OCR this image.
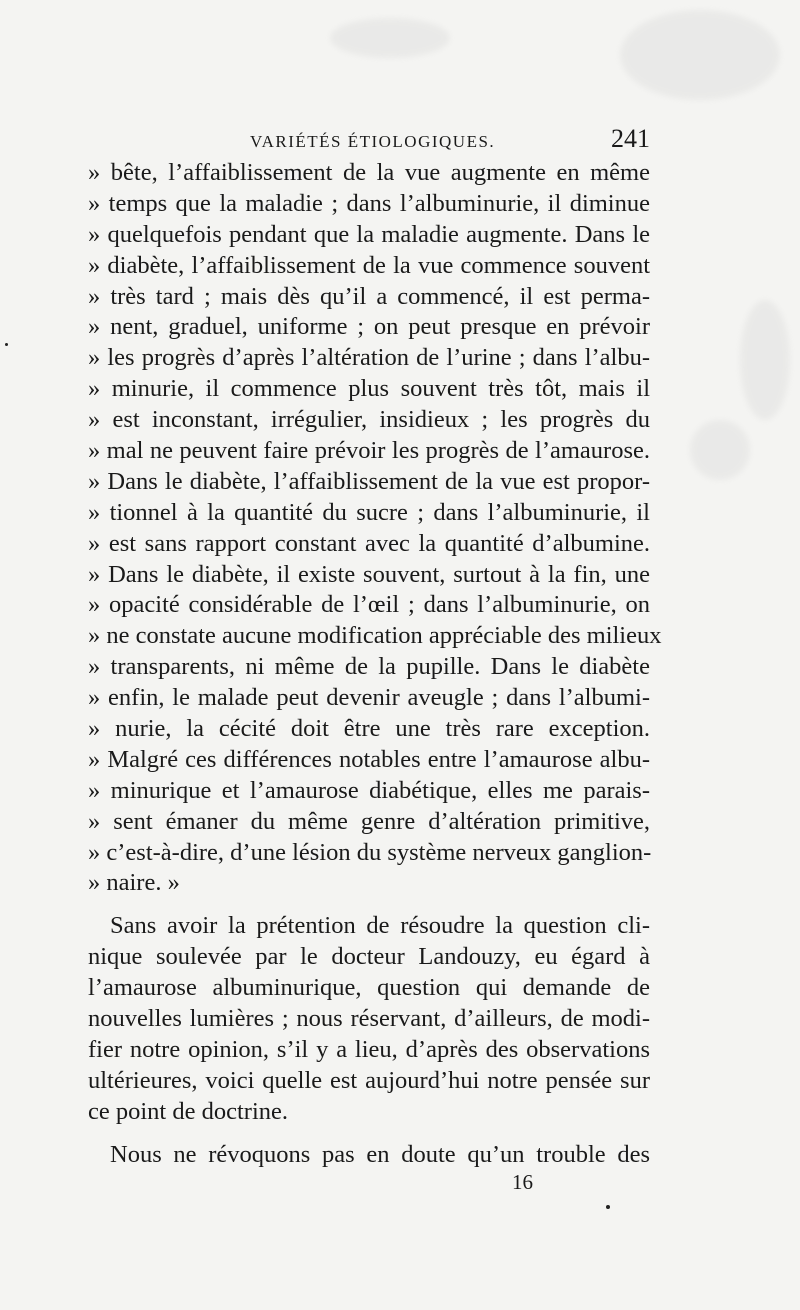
VARIÉTÉS ÉTIOLOGIQUES.	241
» bête, l’affaiblissement de la vue augmente en même
» temps que la maladie ; dans l’albuminurie, il diminue
» quelquefois pendant que la maladie augmente. Dans le
» diabète, l’affaiblissement de la vue commence souvent
» très tard ; mais dès qu’il a commencé, il est perma-
» nent, graduel, uniforme ; on peut presque en prévoir
» les progrès d’après l’altération de l’urine ; dans l’albu-
» minurie, il commence plus souvent très tôt, mais il
» est inconstant, irrégulier, insidieux ; les progrès du
» mal ne peuvent faire prévoir les progrès de l’amaurose.
» Dans le diabète, l’affaiblissement de la vue est propor-
» tionnel à la quantité du sucre ; dans l’albuminurie, il
» est sans rapport constant avec la quantité d’albumine.
» Dans le diabète, il existe souvent, surtout à la fin, une
» opacité considérable de l’œil ; dans l’albuminurie, on
» ne constate aucune modification appréciable des milieux
» transparents, ni même de la pupille. Dans le diabète
» enfin, le malade peut devenir aveugle ; dans l’albumi-
» nurie, la cécité doit être une très rare exception.
» Malgré ces différences notables entre l’amaurose albu-
» minurique et l’amaurose diabétique, elles me parais-
» sent émaner du même genre d’altération primitive,
» c’est-à-dire, d’une lésion du système nerveux ganglion-
» naire. »
Sans avoir la prétention de résoudre la question cli-
nique soulevée par le docteur Landouzy, eu égard à
l’amaurose albuminurique, question qui demande de
nouvelles lumières ; nous réservant, d’ailleurs, de modi-
fier notre opinion, s’il y a lieu, d’après des observations
ultérieures, voici quelle est aujourd’hui notre pensée sur
ce point de doctrine.
Nous ne révoquons pas en doute qu’un trouble des
16
